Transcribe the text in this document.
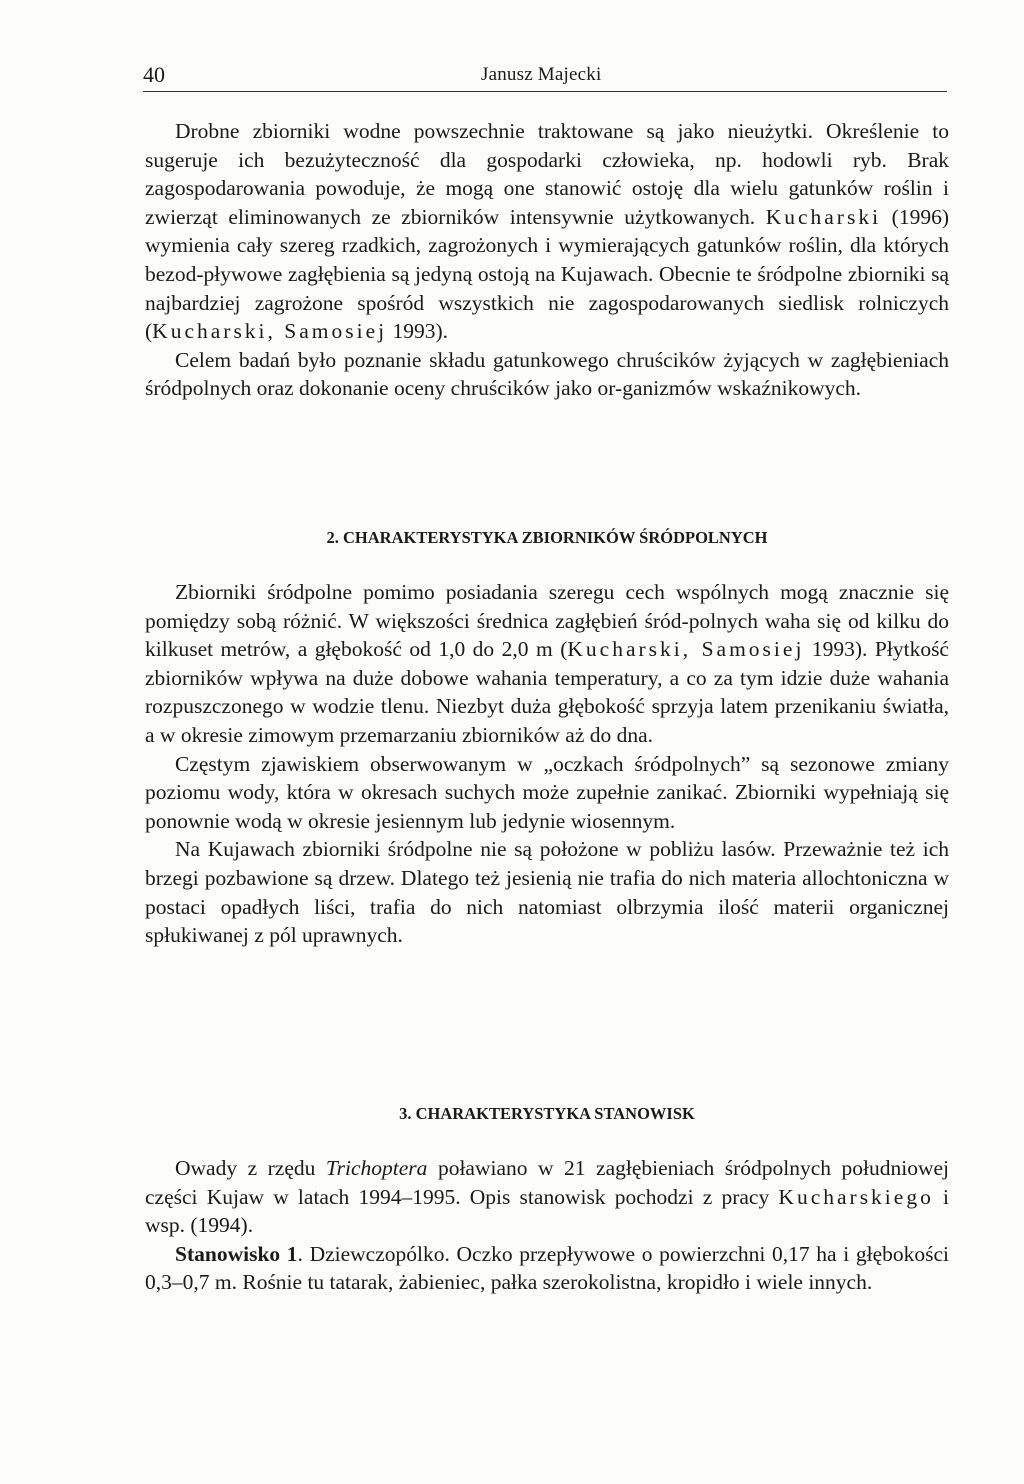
40	Janusz Majecki

Drobne zbiorniki wodne powszechnie traktowane są jako nieużytki. Określenie to sugeruje ich bezużyteczność dla gospodarki człowieka, np. hodowli ryb. Brak zagospodarowania powoduje, że mogą one stanowić ostoję dla wielu gatunków roślin i zwierząt eliminowanych ze zbiorników intensywnie użytkowanych. Kucharski (1996) wymienia cały szereg rzadkich, zagrożonych i wymierających gatunków roślin, dla których bezod-pływowe zagłębienia są jedyną ostoją na Kujawach. Obecnie te śródpolne zbiorniki są najbardziej zagrożone spośród wszystkich nie zagospodarowanych siedlisk rolniczych (Kucharski, Samosiej 1993).

Celem badań było poznanie składu gatunkowego chruścików żyjących w zagłębieniach śródpolnych oraz dokonanie oceny chruścików jako or-ganizmów wskaźnikowych.

2. CHARAKTERYSTYKA ZBIORNIKÓW ŚRÓDPOLNYCH

Zbiorniki śródpolne pomimo posiadania szeregu cech wspólnych mogą znacznie się pomiędzy sobą różnić. W większości średnica zagłębień śród-polnych waha się od kilku do kilkuset metrów, a głębokość od 1,0 do 2,0 m (Kucharski, Samosiej 1993). Płytkość zbiorników wpływa na duże dobowe wahania temperatury, a co za tym idzie duże wahania rozpuszczonego w wodzie tlenu. Niezbyt duża głębokość sprzyja latem przenikaniu światła, a w okresie zimowym przemarzaniu zbiorników aż do dna.

Częstym zjawiskiem obserwowanym w „oczkach śródpolnych” są sezonowe zmiany poziomu wody, która w okresach suchych może zupełnie zanikać. Zbiorniki wypełniają się ponownie wodą w okresie jesiennym lub jedynie wiosennym.

Na Kujawach zbiorniki śródpolne nie są położone w pobliżu lasów. Przeważnie też ich brzegi pozbawione są drzew. Dlatego też jesienią nie trafia do nich materia allochtoniczna w postaci opadłych liści, trafia do nich natomiast olbrzymia ilość materii organicznej spłukiwanej z pól uprawnych.

3. CHARAKTERYSTYKA STANOWISK

Owady z rzędu Trichoptera poławiano w 21 zagłębieniach śródpolnych południowej części Kujaw w latach 1994–1995. Opis stanowisk pochodzi z pracy Kucharskiego i wsp. (1994).

Stanowisko 1. Dziewczopólko. Oczko przepływowe o powierzchni 0,17 ha i głębokości 0,3–0,7 m. Rośnie tu tatarak, żabieniec, pałka szerokolistna, kropidło i wiele innych.
